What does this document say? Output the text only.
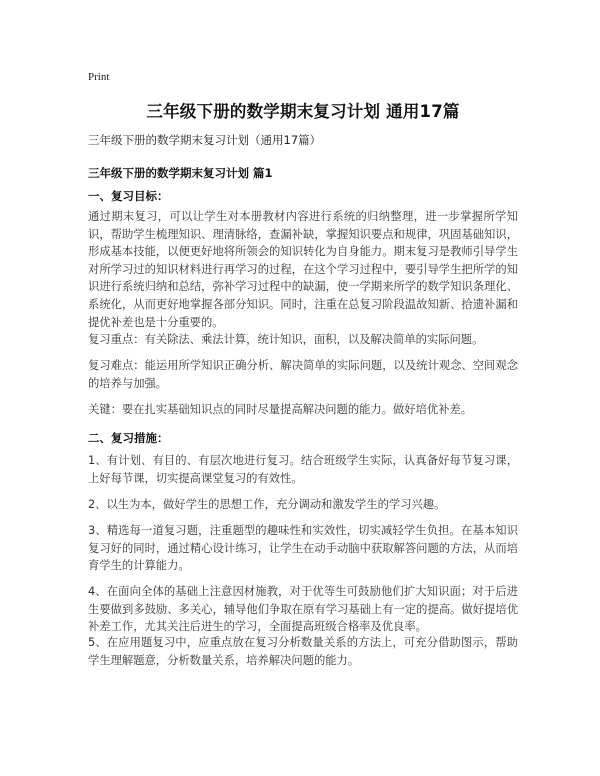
Print
三年级下册的数学期末复习计划 通用17篇
三年级下册的数学期末复习计划（通用17篇）
三年级下册的数学期末复习计划 篇1
一、复习目标：
通过期末复习，可以让学生对本册教材内容进行系统的归纳整理，进一步掌握所学知识，帮助学生梳理知识、理清脉络，查漏补缺，掌握知识要点和规律，巩固基础知识，形成基本技能，以便更好地将所领会的知识转化为自身能力。期末复习是教师引导学生对所学习过的知识材料进行再学习的过程，在这个学习过程中，要引导学生把所学的知识进行系统归纳和总结，弥补学习过程中的缺漏，使一学期来所学的数学知识条理化、系统化，从而更好地掌握各部分知识。同时，注重在总复习阶段温故知新、拾遗补漏和提优补差也是十分重要的。
复习重点：有关除法、乘法计算，统计知识，面积，以及解决简单的实际问题。
复习难点：能运用所学知识正确分析、解决简单的实际问题，以及统计观念、空间观念的培养与加强。
关键：要在扎实基础知识点的同时尽量提高解决问题的能力。做好培优补差。
二、复习措施：
1、有计划、有目的、有层次地进行复习。结合班级学生实际，认真备好每节复习课，上好每节课，切实提高课堂复习的有效性。
2、以生为本，做好学生的思想工作，充分调动和激发学生的学习兴趣。
3、精选每一道复习题，注重题型的趣味性和实效性，切实减轻学生负担。在基本知识复习好的同时，通过精心设计练习，让学生在动手动脑中获取解答问题的方法，从而培育学生的计算能力。
4、在面向全体的基础上注意因材施教，对于优等生可鼓励他们扩大知识面；对于后进生要做到多鼓励、多关心，辅导他们争取在原有学习基础上有一定的提高。做好提培优补差工作，尤其关注后进生的学习，全面提高班级合格率及优良率。
5、在应用题复习中，应重点放在复习分析数量关系的方法上，可充分借助图示，帮助学生理解题意，分析数量关系，培养解决问题的能力。
